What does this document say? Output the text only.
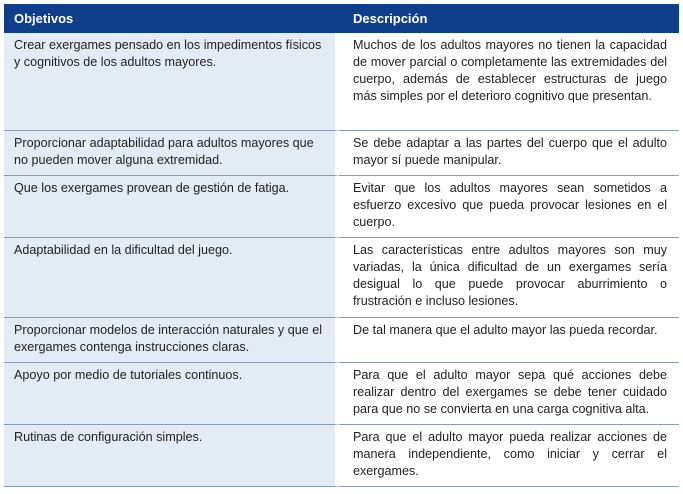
Objetivos	Descripción
Crear exergames pensado en los impedimentos físicos y cognitivos de los adultos mayores.	Muchos de los adultos mayores no tienen la capacidad de mover parcial o completamente las extremidades del cuerpo, además de establecer estructuras de juego más simples por el deterioro cognitivo que presentan.
Proporcionar adaptabilidad para adultos mayores que no pueden mover alguna extremidad.	Se debe adaptar a las partes del cuerpo que el adulto mayor sí puede manipular.
Que los exergames provean de gestión de fatiga.	Evitar que los adultos mayores sean sometidos a esfuerzo excesivo que pueda provocar lesiones en el cuerpo.
Adaptabilidad en la dificultad del juego.	Las características entre adultos mayores son muy variadas, la única dificultad de un exergames sería desigual lo que puede provocar aburrimiento o frustración e incluso lesiones.
Proporcionar modelos de interacción naturales y que el exergames contenga instrucciones claras.	De tal manera que el adulto mayor las pueda recordar.
Apoyo por medio de tutoriales continuos.	Para que el adulto mayor sepa qué acciones debe realizar dentro del exergames se debe tener cuidado para que no se convierta en una carga cognitiva alta.
Rutinas de configuración simples.	Para que el adulto mayor pueda realizar acciones de manera independiente, como iniciar y cerrar el exergames.
